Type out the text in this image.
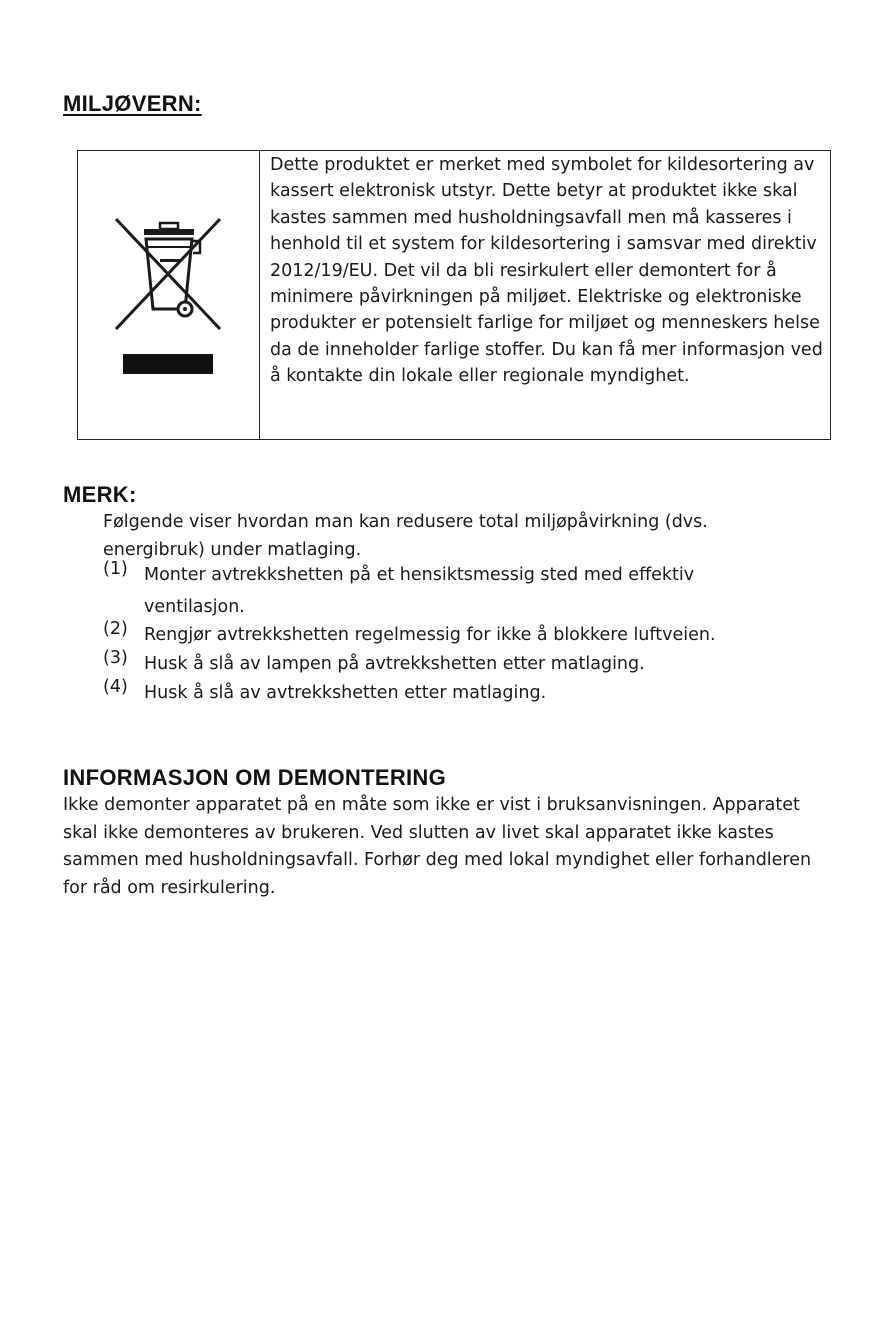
MILJØVERN:
Dette produktet er merket med symbolet for kildesortering av kassert elektronisk utstyr. Dette betyr at produktet ikke skal kastes sammen med husholdningsavfall men må kasseres i henhold til et system for kildesortering i samsvar med direktiv 2012/19/EU. Det vil da bli resirkulert eller demontert for å minimere påvirkningen på miljøet. Elektriske og elektroniske produkter er potensielt farlige for miljøet og menneskers helse da de inneholder farlige stoffer. Du kan få mer informasjon ved å kontakte din lokale eller regionale myndighet.
MERK:

Følgende viser hvordan man kan redusere total miljøpåvirkning (dvs. energibruk) under matlaging.

(1) Monter avtrekkshetten på et hensiktsmessig sted med effektiv ventilasjon.
(2) Rengjør avtrekkshetten regelmessig for ikke å blokkere luftveien.
(3) Husk å slå av lampen på avtrekkshetten etter matlaging.
(4) Husk å slå av avtrekkshetten etter matlaging.
INFORMASJON OM DEMONTERING

Ikke demonter apparatet på en måte som ikke er vist i bruksanvisningen. Apparatet skal ikke demonteres av brukeren. Ved slutten av livet skal apparatet ikke kastes sammen med husholdningsavfall. Forhør deg med lokal myndighet eller forhandleren for råd om resirkulering.
